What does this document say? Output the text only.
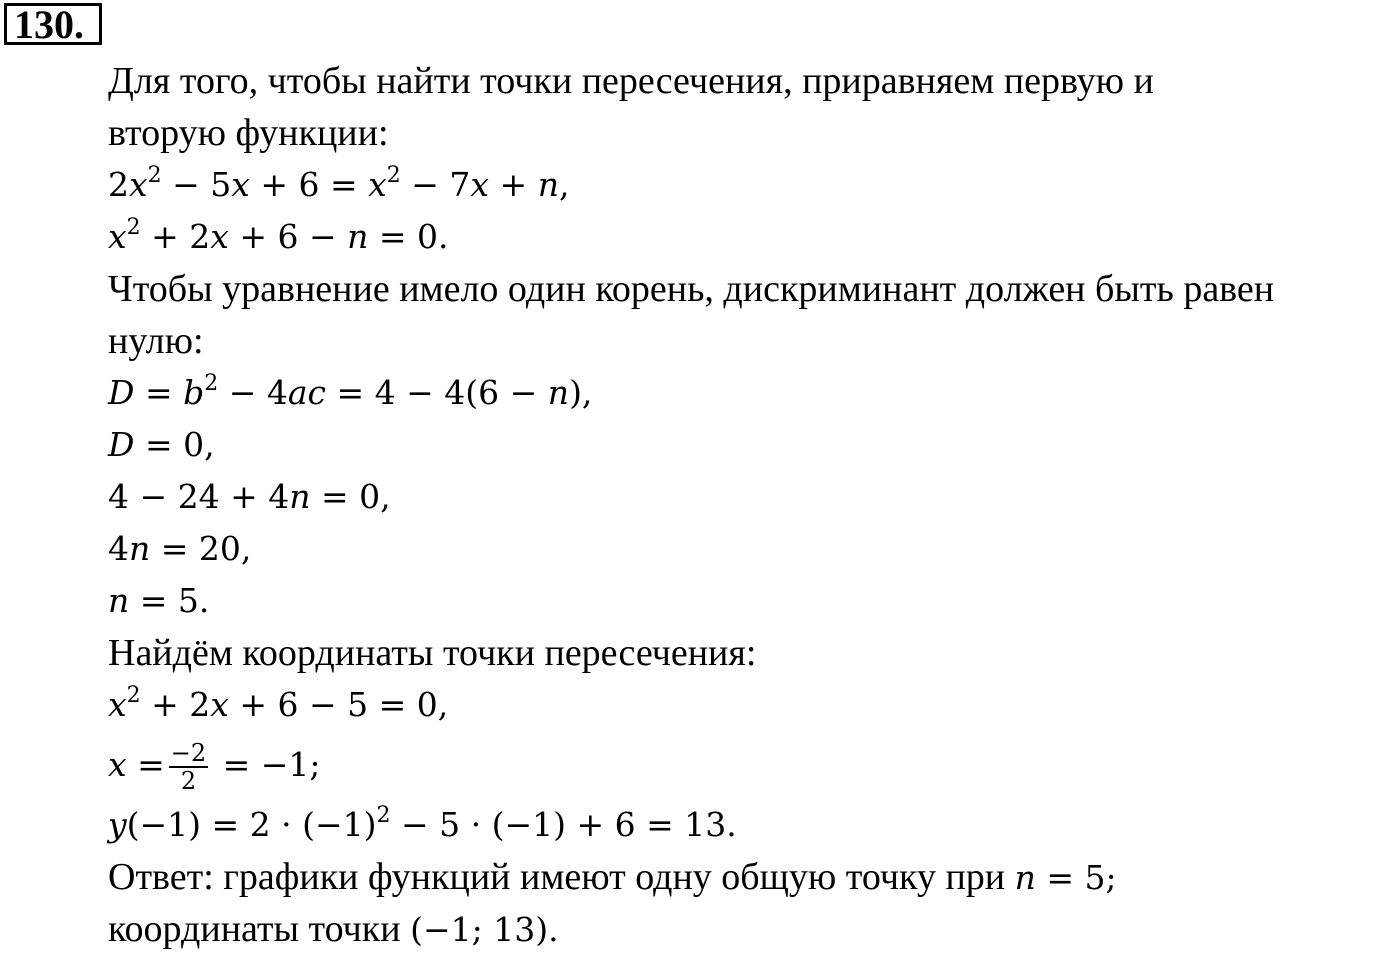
130.
Для того, чтобы найти точки пересечения, приравняем первую и
вторую функции:
$2x^2 - 5x + 6 = x^2 - 7x + n$,
$x^2 + 2x + 6 - n = 0$.
Чтобы уравнение имело один корень, дискриминант должен быть равен
нулю:
$D = b^2 - 4ac = 4 - 4(6 - n)$,
D = 0,
4 − 24 + 4n = 0,
4n = 20,
n = 5.
Найдём координаты точки пересечения:
$x^2 + 2x + 6 - 5 = 0$,
$x = \frac{-2}{2} = -1$;
$y(-1) = 2 \cdot (-1)^2 - 5 \cdot (-1) + 6 = 13$.
Ответ: графики функций имеют одну общую точку при n = 5;
координаты точки (−1; 13).
